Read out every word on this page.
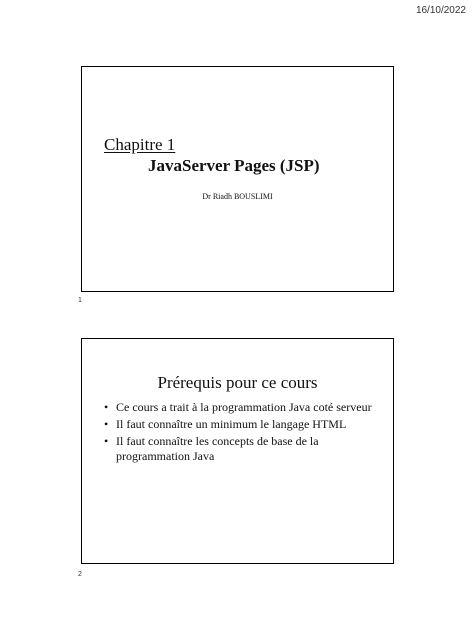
16/10/2022
Chapitre 1
JavaServer Pages (JSP)
Dr Riadh BOUSLIMI
1
Prérequis pour ce cours
• Ce cours a trait à la programmation Java coté serveur
• Il faut connaître un minimum le langage HTML
• Il faut connaître les concepts de base de la programmation Java
2
